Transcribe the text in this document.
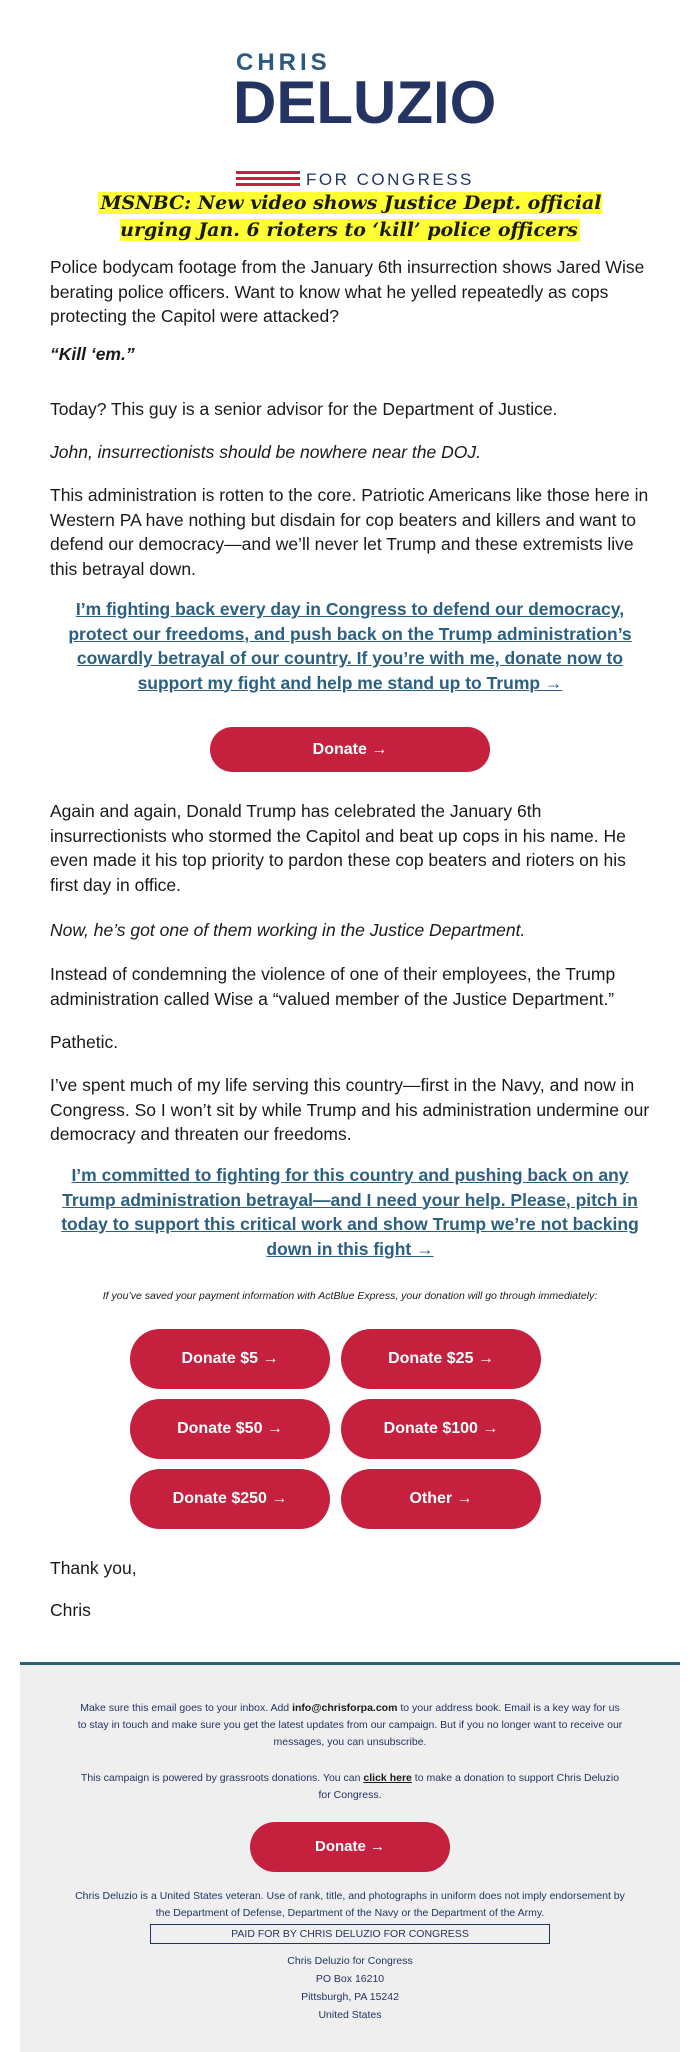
CHRIS
DELUZIO
FOR CONGRESS
MSNBC: New video shows Justice Dept. official urging Jan. 6 rioters to ‘kill’ police officers
Police bodycam footage from the January 6th insurrection shows Jared Wise berating police officers. Want to know what he yelled repeatedly as cops protecting the Capitol were attacked?
“Kill ‘em.”
Today? This guy is a senior advisor for the Department of Justice.
John, insurrectionists should be nowhere near the DOJ.
This administration is rotten to the core. Patriotic Americans like those here in Western PA have nothing but disdain for cop beaters and killers and want to defend our democracy—and we’ll never let Trump and these extremists live this betrayal down.
I’m fighting back every day in Congress to defend our democracy, protect our freedoms, and push back on the Trump administration’s cowardly betrayal of our country. If you’re with me, donate now to support my fight and help me stand up to Trump →
Donate →
Again and again, Donald Trump has celebrated the January 6th insurrectionists who stormed the Capitol and beat up cops in his name. He even made it his top priority to pardon these cop beaters and rioters on his first day in office.
Now, he’s got one of them working in the Justice Department.
Instead of condemning the violence of one of their employees, the Trump administration called Wise a “valued member of the Justice Department.”
Pathetic.
I’ve spent much of my life serving this country—first in the Navy, and now in Congress. So I won’t sit by while Trump and his administration undermine our democracy and threaten our freedoms.
I’m committed to fighting for this country and pushing back on any Trump administration betrayal—and I need your help. Please, pitch in today to support this critical work and show Trump we’re not backing down in this fight →
If you’ve saved your payment information with ActBlue Express, your donation will go through immediately:
Donate $5 →	Donate $25 →
Donate $50 →	Donate $100 →
Donate $250 →	Other →
Thank you,
Chris
Make sure this email goes to your inbox. Add info@chrisforpa.com to your address book. Email is a key way for us to stay in touch and make sure you get the latest updates from our campaign. But if you no longer want to receive our messages, you can unsubscribe.
This campaign is powered by grassroots donations. You can click here to make a donation to support Chris Deluzio for Congress.
Donate →
Chris Deluzio is a United States veteran. Use of rank, title, and photographs in uniform does not imply endorsement by the Department of Defense, Department of the Navy or the Department of the Army.
PAID FOR BY CHRIS DELUZIO FOR CONGRESS
Chris Deluzio for Congress
PO Box 16210
Pittsburgh, PA 15242
United States
